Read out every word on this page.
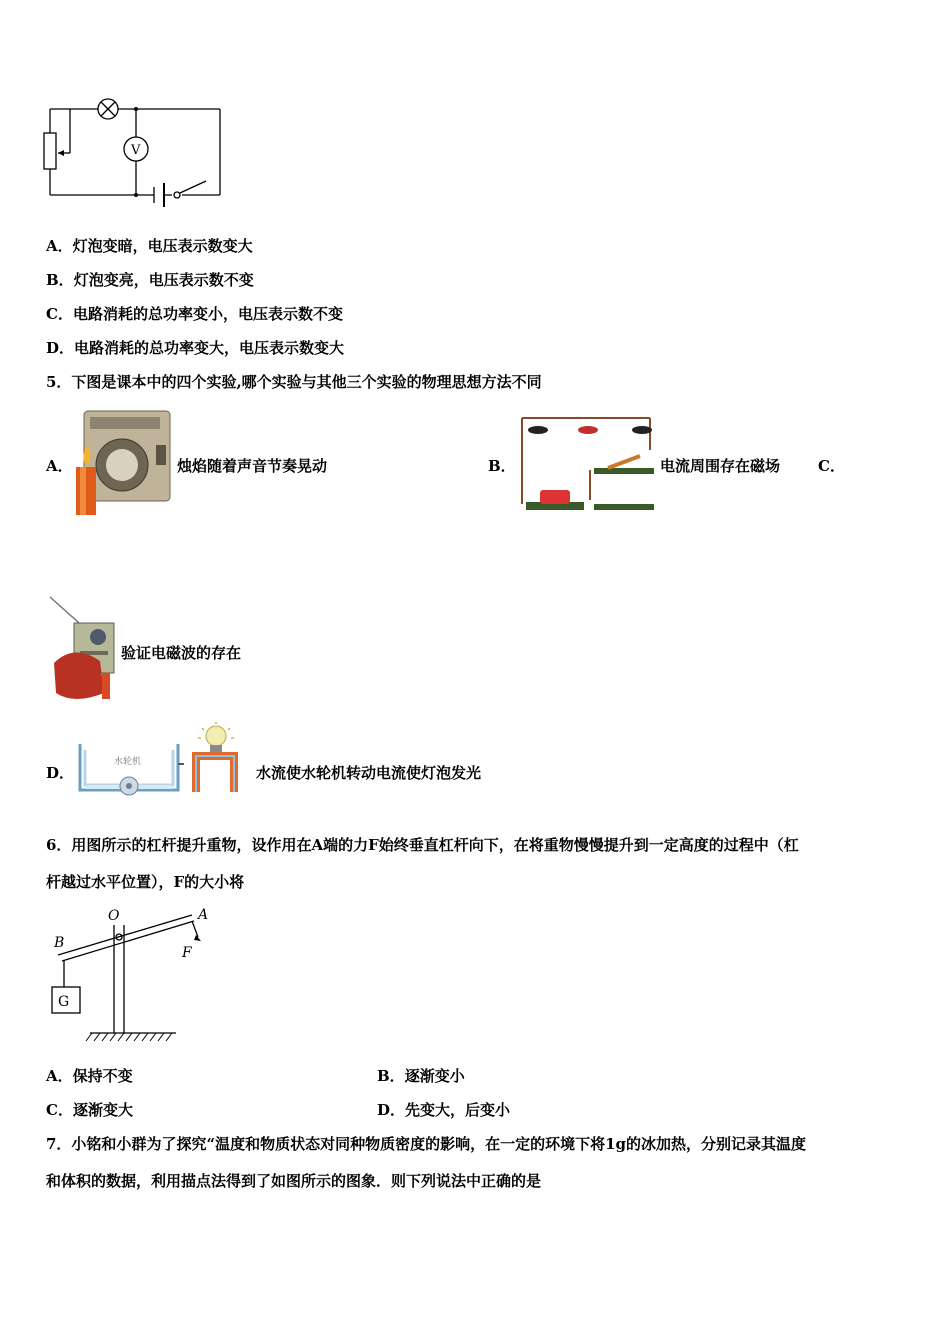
V
A．灯泡变暗，电压表示数变大
B．灯泡变亮，电压表示数不变
C．电路消耗的总功率变小，电压表示数不变
D．电路消耗的总功率变大，电压表示数变大
5．下图是课本中的四个实验,哪个实验与其他三个实验的物理思想方法不同
A．	烛焰随着声音节奏晃动	B．	电流周围存在磁场	C．
验证电磁波的存在
D．
水轮机
水流使水轮机转动电流使灯泡发光
6．用图所示的杠杆提升重物，设作用在A端的力F始终垂直杠杆向下，在将重物慢慢提升到一定高度的过程中（杠
杆越过水平位置），F的大小将
O	A
B
F
G
A．保持不变	B．逐渐变小
C．逐渐变大	D．先变大，后变小
7．小铭和小群为了探究“温度和物质状态对同种物质密度的影响，在一定的环境下将1g的冰加热，分别记录其温度
和体积的数据，利用描点法得到了如图所示的图象．则下列说法中正确的是
